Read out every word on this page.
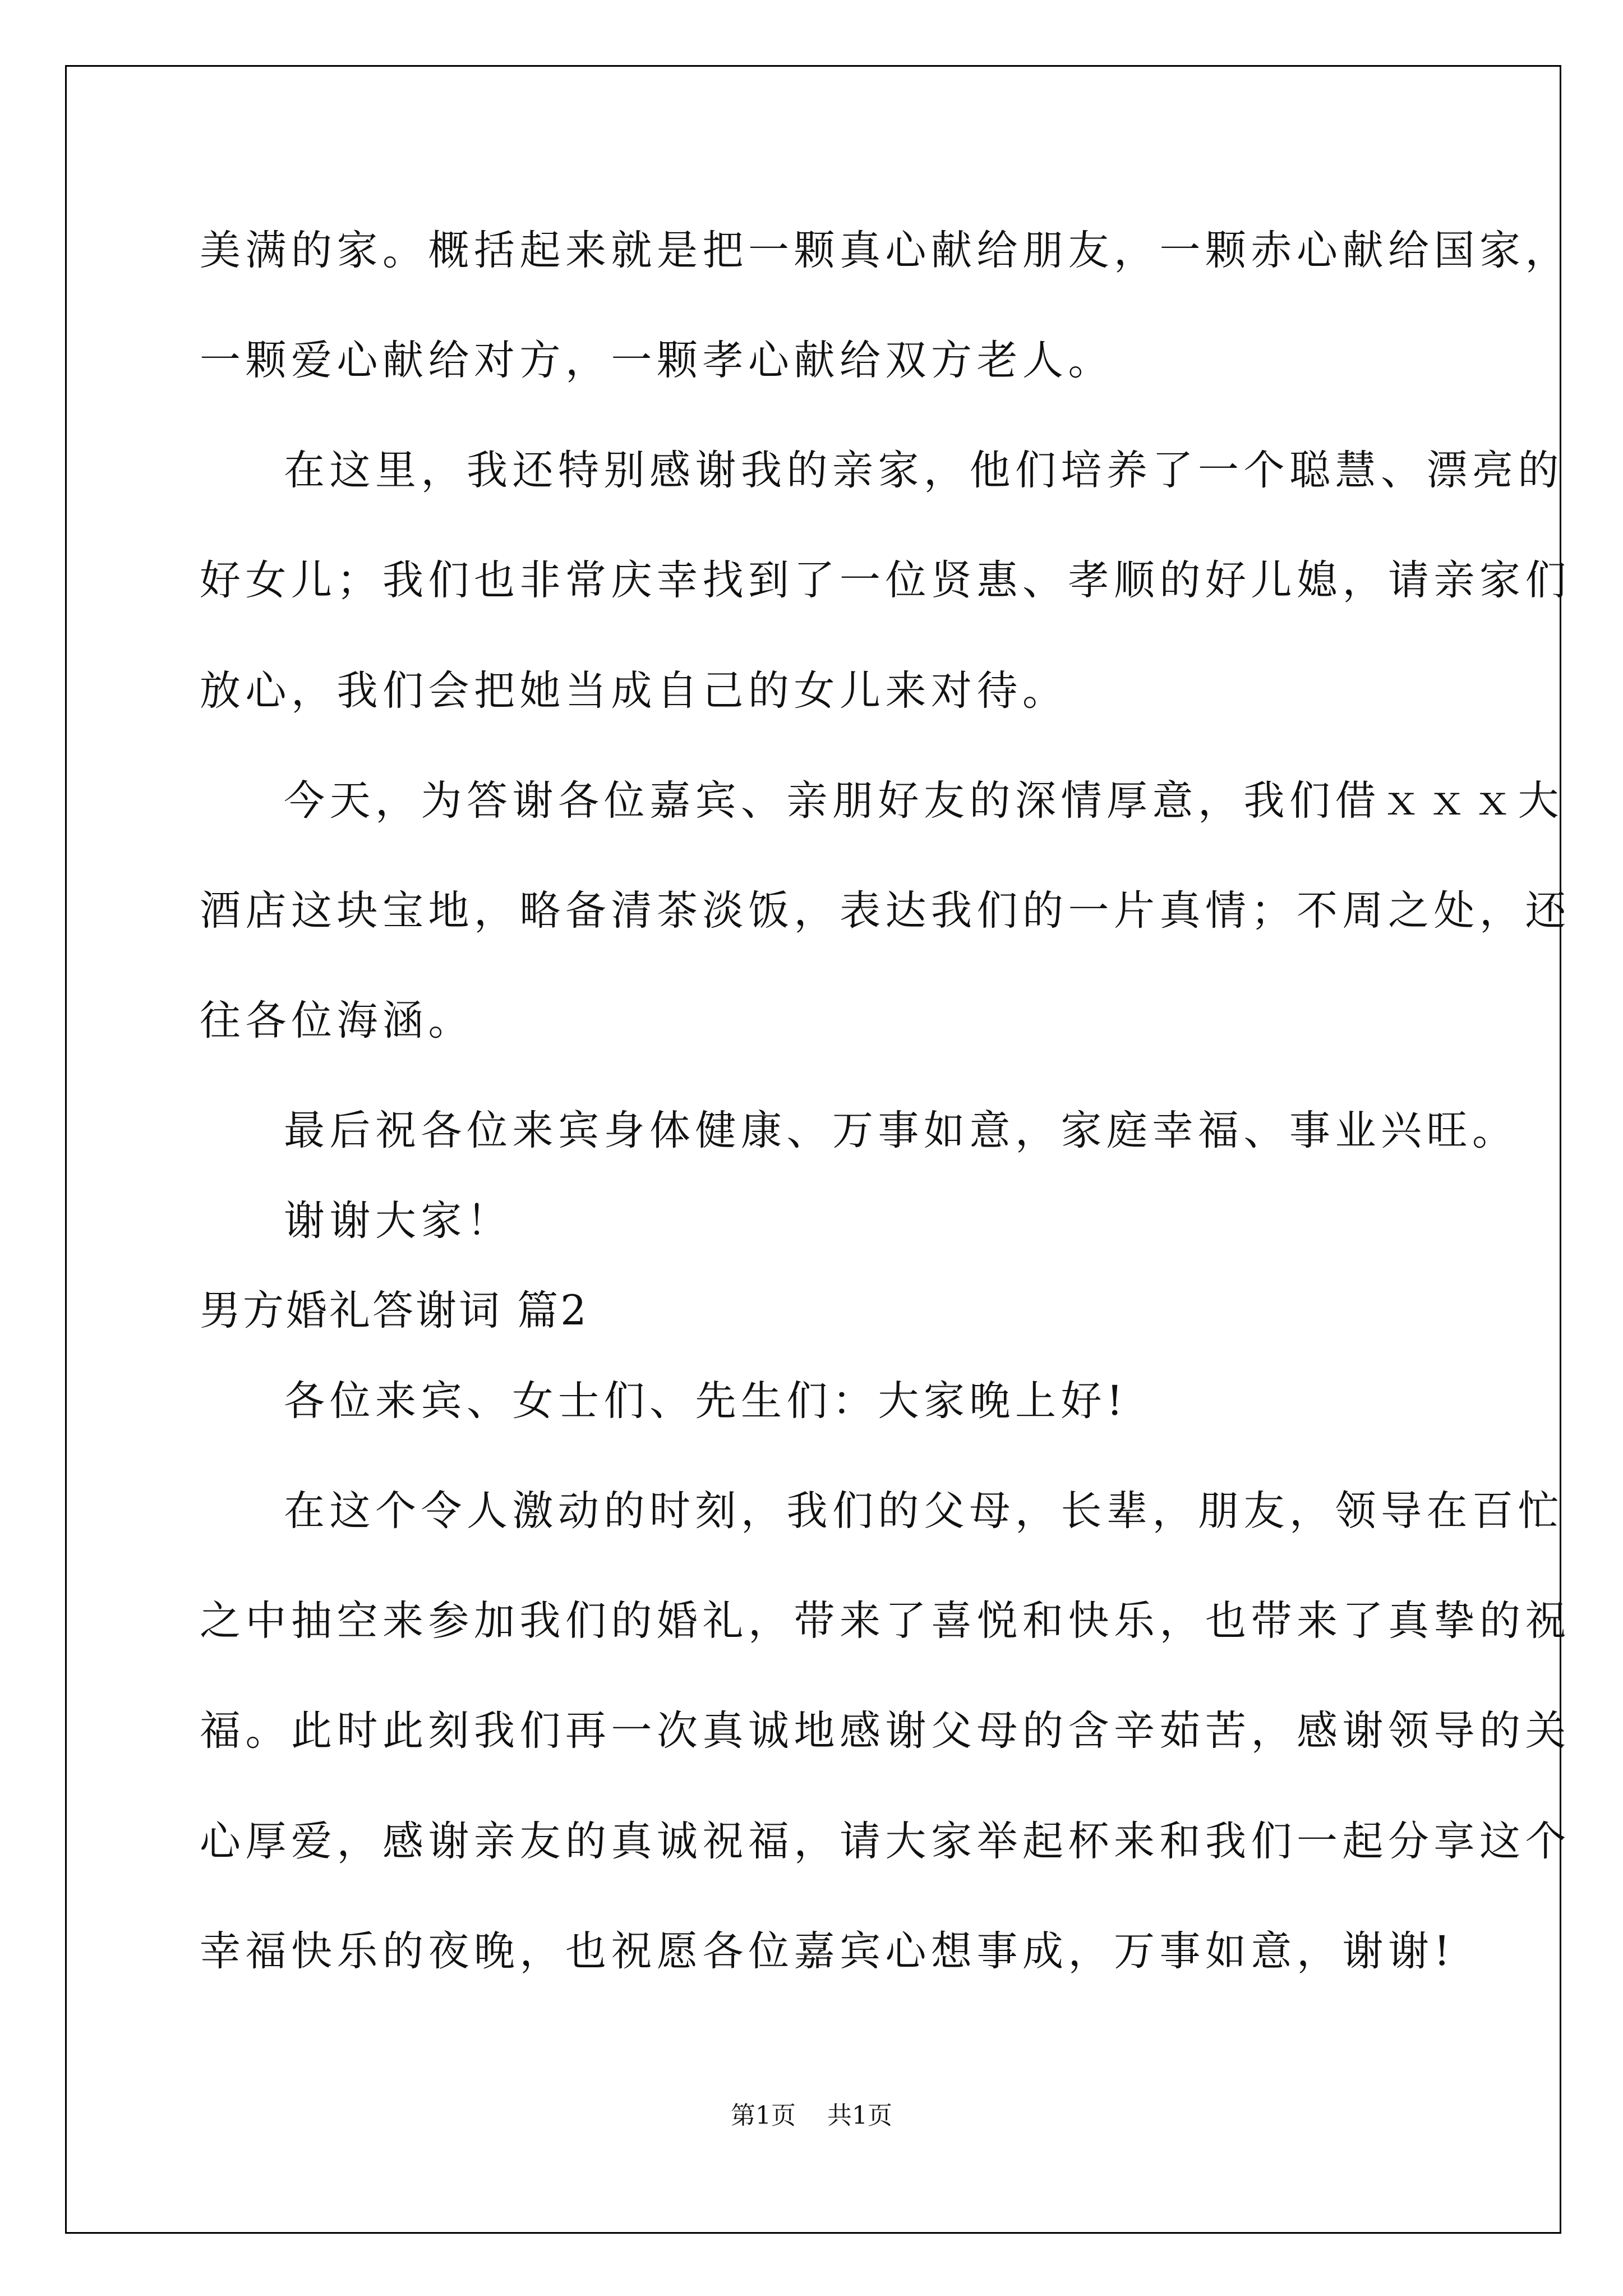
美满的家。概括起来就是把一颗真心献给朋友，一颗赤心献给国家，
一颗爱心献给对方，一颗孝心献给双方老人。
在这里，我还特别感谢我的亲家，他们培养了一个聪慧、漂亮的
好女儿；我们也非常庆幸找到了一位贤惠、孝顺的好儿媳，请亲家们
放心，我们会把她当成自己的女儿来对待。
今天，为答谢各位嘉宾、亲朋好友的深情厚意，我们借ｘｘｘ大
酒店这块宝地，略备清茶淡饭，表达我们的一片真情；不周之处，还
往各位海涵。
最后祝各位来宾身体健康、万事如意，家庭幸福、事业兴旺。
谢谢大家！
男方婚礼答谢词 篇2
各位来宾、女士们、先生们：大家晚上好!
在这个令人激动的时刻，我们的父母，长辈，朋友，领导在百忙
之中抽空来参加我们的婚礼，带来了喜悦和快乐，也带来了真挚的祝
福。此时此刻我们再一次真诚地感谢父母的含辛茹苦，感谢领导的关
心厚爱，感谢亲友的真诚祝福，请大家举起杯来和我们一起分享这个
幸福快乐的夜晚，也祝愿各位嘉宾心想事成，万事如意，谢谢!
第1页 共1页
